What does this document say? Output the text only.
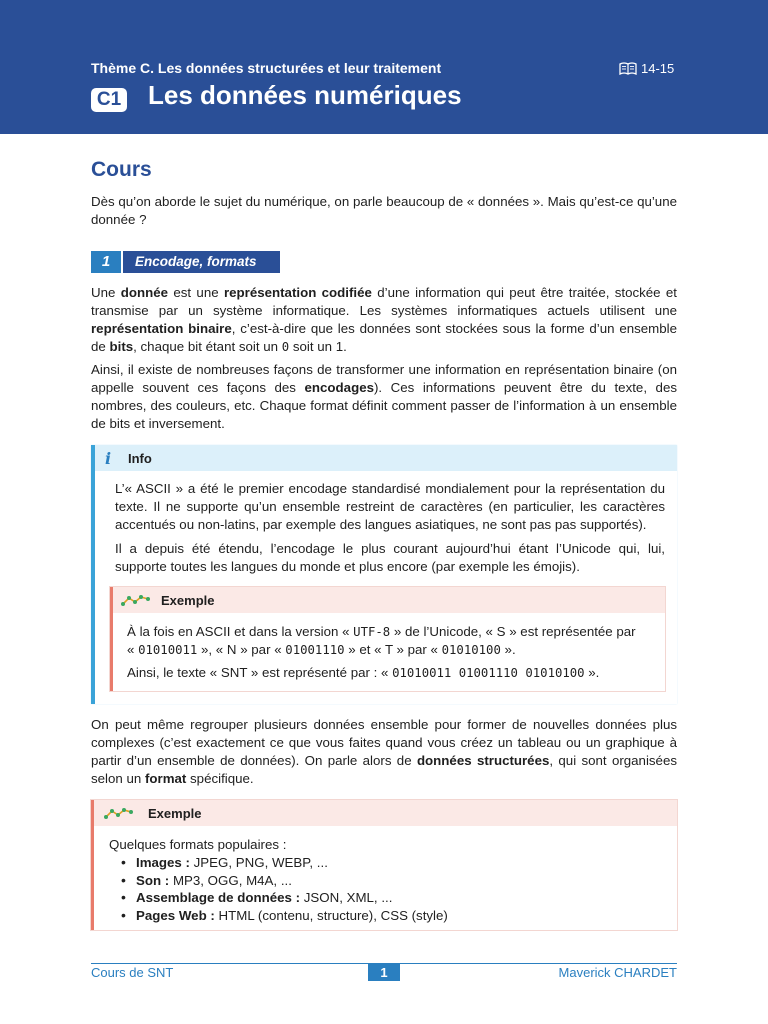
Thème C. Les données structurées et leur traitement	14-15
C1 Les données numériques
Cours
Dès qu’on aborde le sujet du numérique, on parle beaucoup de « données ». Mais qu’est-ce qu’une donnée ?
1	Encodage, formats
Une donnée est une représentation codifiée d’une information qui peut être traitée, stockée et transmise par un système informatique. Les systèmes informatiques actuels utilisent une représentation binaire, c’est-à-dire que les données sont stockées sous la forme d’un ensemble de bits, chaque bit étant soit un 0 soit un 1.
Ainsi, il existe de nombreuses façons de transformer une information en représentation binaire (on appelle souvent ces façons des encodages). Ces informations peuvent être du texte, des nombres, des couleurs, etc. Chaque format définit comment passer de l’information à un ensemble de bits et inversement.
i	Info
L’« ASCII » a été le premier encodage standardisé mondialement pour la représentation du texte. Il ne supporte qu’un ensemble restreint de caractères (en particulier, les caractères accentués ou non-latins, par exemple des langues asiatiques, ne sont pas pas supportés).
Il a depuis été étendu, l’encodage le plus courant aujourd’hui étant l’Unicode qui, lui, supporte toutes les langues du monde et plus encore (par exemple les émojis).
Exemple
À la fois en ASCII et dans la version « UTF-8 » de l’Unicode, « S » est représentée par
« 01010011 », « N » par « 01001110 » et « T » par « 01010100 ».
Ainsi, le texte « SNT » est représenté par : « 01010011 01001110 01010100 ».
On peut même regrouper plusieurs données ensemble pour former de nouvelles données plus complexes (c’est exactement ce que vous faites quand vous créez un tableau ou un graphique à partir d’un ensemble de données). On parle alors de données structurées, qui sont organisées selon un format spécifique.
Exemple
Quelques formats populaires :
• Images : JPEG, PNG, WEBP, ...
• Son : MP3, OGG, M4A, ...
• Assemblage de données : JSON, XML, ...
• Pages Web : HTML (contenu, structure), CSS (style)
Cours de SNT	1	Maverick CHARDET
